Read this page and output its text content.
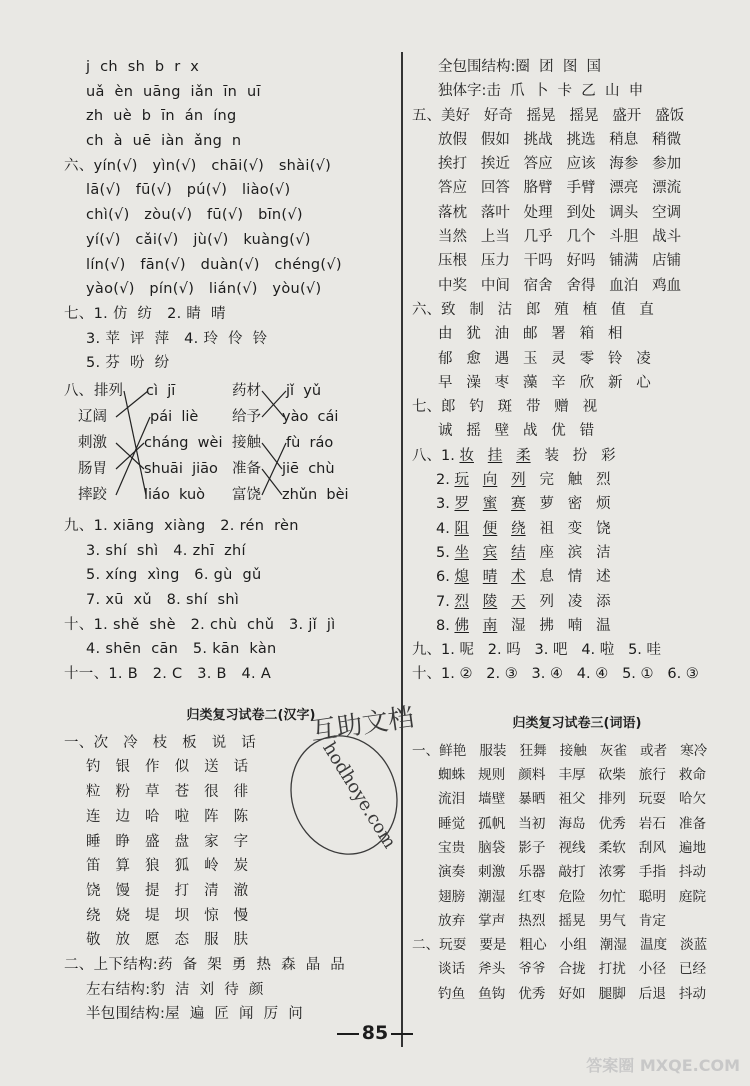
j  ch  sh  b  r  x
uǎ  èn  uāng  iǎn  īn  uī
zh  uè  b  īn  án  íng
ch  à  uē  iàn  ǎng  n
六、yín(√)   yìn(√)   chāi(√)   shài(√)
lā(√)   fū(√)   pú(√)   liào(√)
chì(√)   zòu(√)   fū(√)   bīn(√)
yí(√)   cǎi(√)   jù(√)   kuàng(√)
lín(√)   fān(√)   duàn(√)   chéng(√)
yào(√)   pín(√)   lián(√)   yòu(√)
七、1. 仿  纺   2. 睛  晴
3. 苹  评  萍   4. 玲  伶  铃
5. 芬  吩  纷
八、 排列 cì  jī	药材 jǐ  yǔ
辽阔	pái  liè 给予 yào  cái
刺激	cháng  wèi 接触 fù  ráo
肠胃	shuāi  jiāo 准备 jiē  chù
摔跤	liáo  kuò 富饶 zhǔn  bèi
九、1. xiāng  xiàng   2. rén  rèn
3. shí  shì   4. zhī  zhí
5. xíng  xìng   6. gù  gǔ
7. xū  xǔ   8. shí  shì
十、1. shě  shè   2. chù  chǔ   3. jǐ  jì
4. shēn  cān   5. kān  kàn
十一、1. B   2. C   3. B   4. A
归类复习试卷二(汉字)
一、次   冷   枝   板   说   话
钓   银   作   似   送   话
粒   粉   草   苍   很   徘
连   边   哈   啦   阵   陈
睡   睁   盛   盘   家   字
笛   算   狼   狐   岭   炭
饶   馒   提   打   清   澈
绕   娆   堤   坝   惊   慢
敬   放   愿   态   服   肤
二、上下结构:药  备  架  勇  热  森  晶  品
左右结构:豹  洁  刘  待  颜
半包围结构:屋  遍  匠  闻  厉  问
全包围结构:圈  团  图  国
独体字:击  爪  卜  卡  乙  山  申
五、美好   好奇   摇晃   摇晃   盛开   盛饭
放假   假如   挑战   挑选   稍息   稍微
挨打   挨近   答应   应该   海参   参加
答应   回答   胳臂   手臂   漂亮   漂流
落枕   落叶   处理   到处   调头   空调
当然   上当   几乎   几个   斗胆   战斗
压根   压力   干吗   好吗   铺满   店铺
中奖   中间   宿舍   舍得   血泊   鸡血
六、致   制   沽   郎   殖   植   值   直
由   犹   油   邮   署   箱   相
郁   愈   遇   玉   灵   零   铃   凌
早   澡   枣   藻   辛   欣   新   心
七、郎   钓   斑   带   赠   视
诚   摇   壁   战   优   错
八、1. 妆 挂 柔 装   扮   彩
2. 玩 向 列 完   触   烈
3. 罗 蜜 赛 萝   密   烦
4. 阻 便 绕 祖   变   饶
5. 坐 宾 结 座   滨   洁
6. 熄 晴 术 息   情   述
7. 烈 陵 天 列   凌   添
8. 佛 南 湿   拂   喃   温
九、1. 呢   2. 吗   3. 吧   4. 啦   5. 哇
十、1. ②   2. ③   3. ④   4. ④   5. ①   6. ③
归类复习试卷三(词语)
一、鲜艳   服装   狂舞   接触   灰雀   或者   寒冷
蜘蛛   规则   颜料   丰厚   砍柴   旅行   救命
流泪   墙壁   暴晒   祖父   排列   玩耍   哈欠
睡觉   孤帆   当初   海岛   优秀   岩石   准备
宝贵   脑袋   影子   视线   柔软   刮风   遍地
演奏   刺激   乐器   敲打   浓雾   手指   抖动
翅膀   潮湿   红枣   危险   勿忙   聪明   庭院
放弃   掌声   热烈   摇晃   男气   肯定
二、玩耍   要是   粗心   小组   潮湿   温度   淡蓝
谈话   斧头   爷爷   合拢   打扰   小径   已经
钓鱼   鱼钩   优秀   好如   腿脚   后退   抖动
互助文档
hodhoye.com
85
答案圈 MXQE.COM
